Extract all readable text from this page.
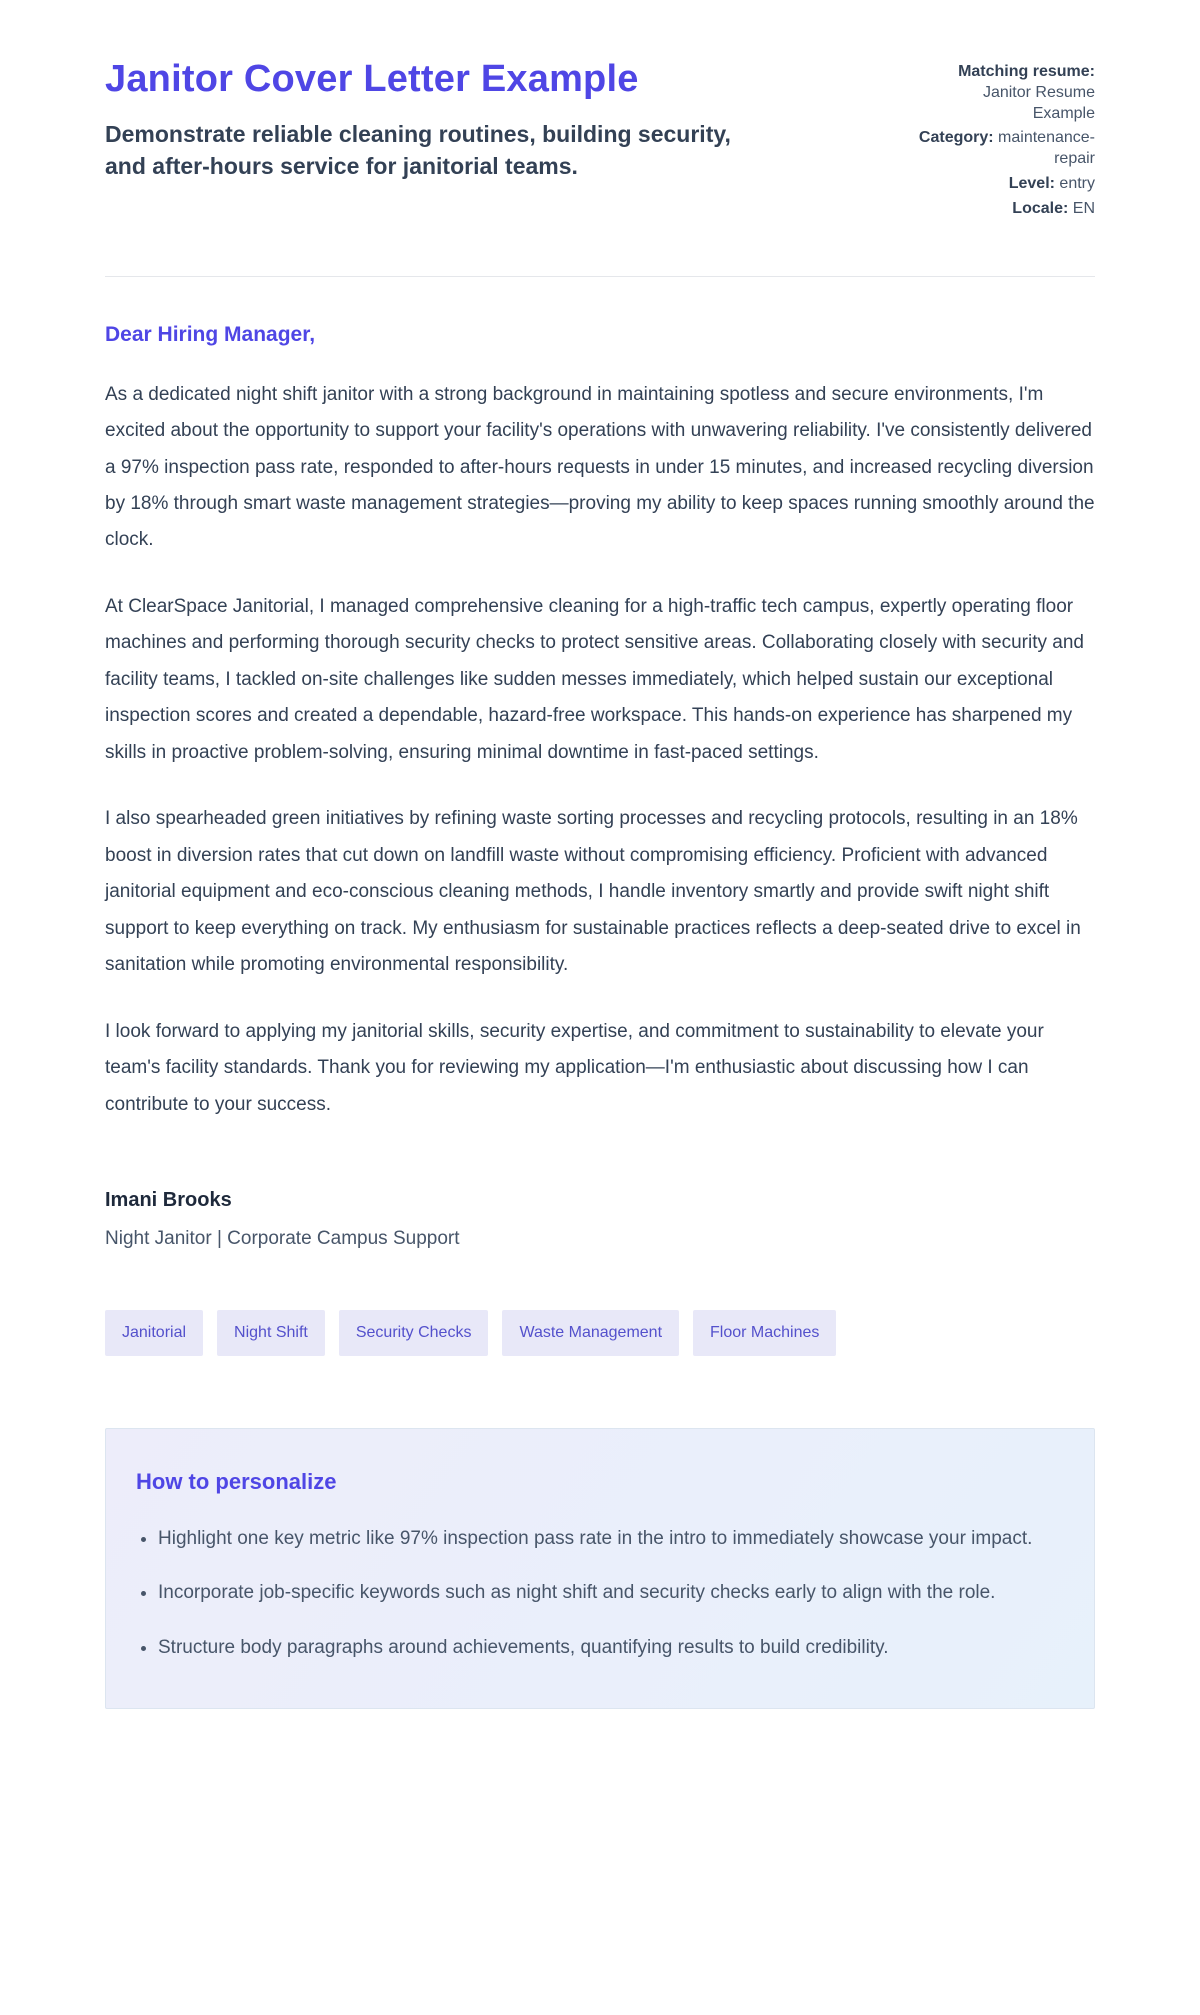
Janitor Cover Letter Example

Demonstrate reliable cleaning routines, building security, and after-hours service for janitorial teams.

Matching resume: Janitor Resume Example
Category: maintenance-repair
Level: entry
Locale: EN

Dear Hiring Manager,

As a dedicated night shift janitor with a strong background in maintaining spotless and secure environments, I'm excited about the opportunity to support your facility's operations with unwavering reliability. I've consistently delivered a 97% inspection pass rate, responded to after-hours requests in under 15 minutes, and increased recycling diversion by 18% through smart waste management strategies—proving my ability to keep spaces running smoothly around the clock.

At ClearSpace Janitorial, I managed comprehensive cleaning for a high-traffic tech campus, expertly operating floor machines and performing thorough security checks to protect sensitive areas. Collaborating closely with security and facility teams, I tackled on-site challenges like sudden messes immediately, which helped sustain our exceptional inspection scores and created a dependable, hazard-free workspace. This hands-on experience has sharpened my skills in proactive problem-solving, ensuring minimal downtime in fast-paced settings.

I also spearheaded green initiatives by refining waste sorting processes and recycling protocols, resulting in an 18% boost in diversion rates that cut down on landfill waste without compromising efficiency. Proficient with advanced janitorial equipment and eco-conscious cleaning methods, I handle inventory smartly and provide swift night shift support to keep everything on track. My enthusiasm for sustainable practices reflects a deep-seated drive to excel in sanitation while promoting environmental responsibility.

I look forward to applying my janitorial skills, security expertise, and commitment to sustainability to elevate your team's facility standards. Thank you for reviewing my application—I'm enthusiastic about discussing how I can contribute to your success.

Imani Brooks

Night Janitor | Corporate Campus Support

Janitorial	Night Shift	Security Checks	Waste Management	Floor Machines
How to personalize
• Highlight one key metric like 97% inspection pass rate in the intro to immediately showcase your impact.
• Incorporate job-specific keywords such as night shift and security checks early to align with the role.
• Structure body paragraphs around achievements, quantifying results to build credibility.
